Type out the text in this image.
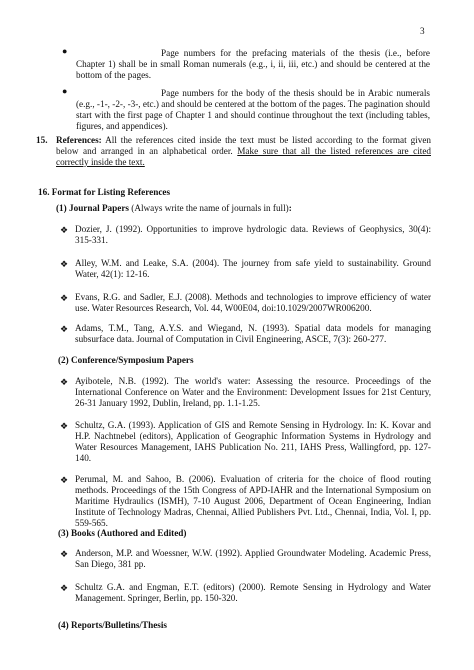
3
●	Page numbers for the prefacing materials of the thesis (i.e., before Chapter 1) shall be in small Roman numerals (e.g., i, ii, iii, etc.) and should be centered at the bottom of the pages.
●	Page numbers for the body of the thesis should be in Arabic numerals (e.g., -1-, -2-, -3-, etc.) and should be centered at the bottom of the pages. The pagination should start with the first page of Chapter 1 and should continue throughout the text (including tables, figures, and appendices).
15. References: All the references cited inside the text must be listed according to the format given below and arranged in an alphabetical order. Make sure that all the listed references are cited correctly inside the text.
16. Format for Listing References
(1) Journal Papers (Always write the name of journals in full):
❖ Dozier, J. (1992). Opportunities to improve hydrologic data. Reviews of Geophysics, 30(4): 315-331.
❖ Alley, W.M. and Leake, S.A. (2004). The journey from safe yield to sustainability. Ground Water, 42(1): 12-16.
❖ Evans, R.G. and Sadler, E.J. (2008). Methods and technologies to improve efficiency of water use. Water Resources Research, Vol. 44, W00E04, doi:10.1029/2007WR006200.
❖ Adams, T.M., Tang, A.Y.S. and Wiegand, N. (1993). Spatial data models for managing subsurface data. Journal of Computation in Civil Engineering, ASCE, 7(3): 260-277.
(2) Conference/Symposium Papers
❖ Ayibotele, N.B. (1992). The world's water: Assessing the resource. Proceedings of the International Conference on Water and the Environment: Development Issues for 21st Century, 26-31 January 1992, Dublin, Ireland, pp. 1.1-1.25.
❖ Schultz, G.A. (1993). Application of GIS and Remote Sensing in Hydrology. In: K. Kovar and H.P. Nachtnebel (editors), Application of Geographic Information Systems in Hydrology and Water Resources Management, IAHS Publication No. 211, IAHS Press, Wallingford, pp. 127-140.
❖ Perumal, M. and Sahoo, B. (2006). Evaluation of criteria for the choice of flood routing methods. Proceedings of the 15th Congress of APD-IAHR and the International Symposium on Maritime Hydraulics (ISMH), 7-10 August 2006, Department of Ocean Engineering, Indian Institute of Technology Madras, Chennai, Allied Publishers Pvt. Ltd., Chennai, India, Vol. I, pp. 559-565.
(3) Books (Authored and Edited)
❖ Anderson, M.P. and Woessner, W.W. (1992). Applied Groundwater Modeling. Academic Press, San Diego, 381 pp.
❖ Schultz G.A. and Engman, E.T. (editors) (2000). Remote Sensing in Hydrology and Water Management. Springer, Berlin, pp. 150-320.
(4) Reports/Bulletins/Thesis
